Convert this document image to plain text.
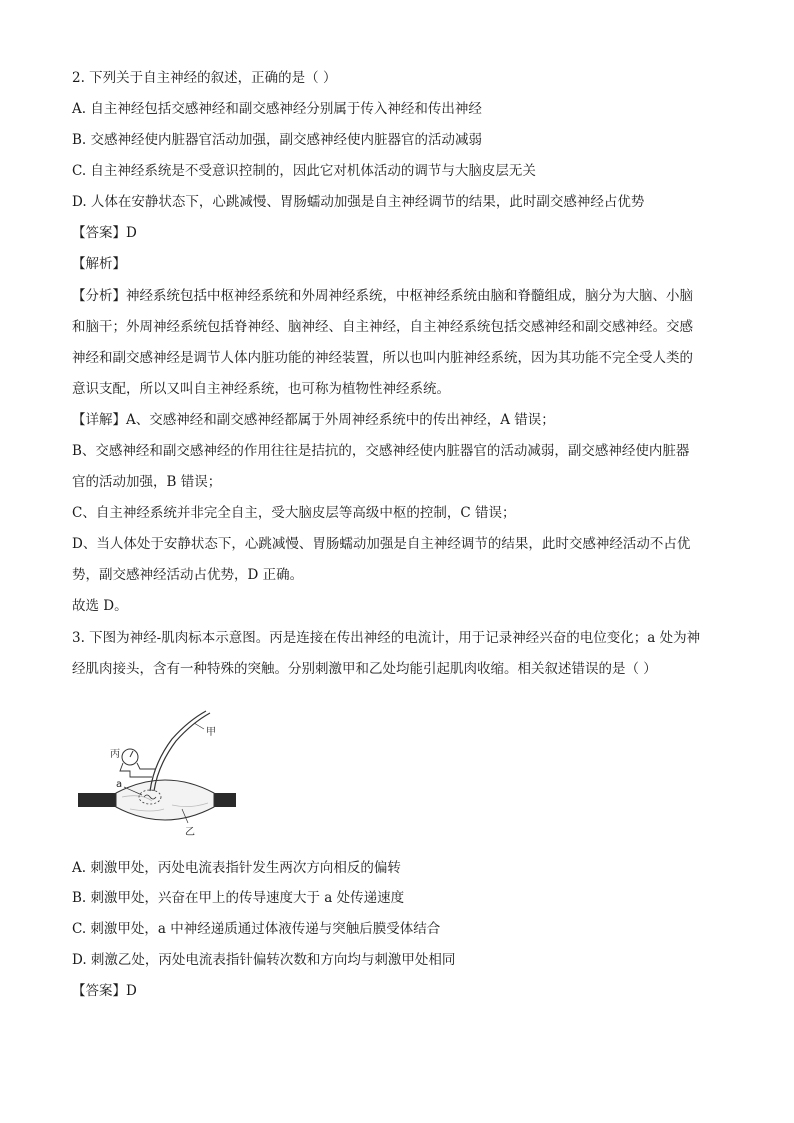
2. 下列关于自主神经的叙述，正确的是（ ）
A. 自主神经包括交感神经和副交感神经分别属于传入神经和传出神经
B. 交感神经使内脏器官活动加强，副交感神经使内脏器官的活动减弱
C. 自主神经系统是不受意识控制的，因此它对机体活动的调节与大脑皮层无关
D. 人体在安静状态下，心跳减慢、胃肠蠕动加强是自主神经调节的结果，此时副交感神经占优势
【答案】D
【解析】
【分析】神经系统包括中枢神经系统和外周神经系统，中枢神经系统由脑和脊髓组成，脑分为大脑、小脑
和脑干；外周神经系统包括脊神经、脑神经、自主神经，自主神经系统包括交感神经和副交感神经。交感
神经和副交感神经是调节人体内脏功能的神经装置，所以也叫内脏神经系统，因为其功能不完全受人类的
意识支配，所以又叫自主神经系统，也可称为植物性神经系统。
【详解】A、交感神经和副交感神经都属于外周神经系统中的传出神经，A 错误；
B、交感神经和副交感神经的作用往往是拮抗的，交感神经使内脏器官的活动减弱，副交感神经使内脏器
官的活动加强，B 错误；
C、自主神经系统并非完全自主，受大脑皮层等高级中枢的控制，C 错误；
D、当人体处于安静状态下，心跳减慢、胃肠蠕动加强是自主神经调节的结果，此时交感神经活动不占优
势，副交感神经活动占优势，D 正确。
故选 D。
3. 下图为神经-肌肉标本示意图。丙是连接在传出神经的电流计，用于记录神经兴奋的电位变化；a 处为神
经肌肉接头，含有一种特殊的突触。分别刺激甲和乙处均能引起肌肉收缩。相关叙述错误的是（ ）
丙
甲
a
乙
A. 刺激甲处，丙处电流表指针发生两次方向相反的偏转
B. 刺激甲处，兴奋在甲上的传导速度大于 a 处传递速度
C. 刺激甲处，a 中神经递质通过体液传递与突触后膜受体结合
D. 刺激乙处，丙处电流表指针偏转次数和方向均与刺激甲处相同
【答案】D
